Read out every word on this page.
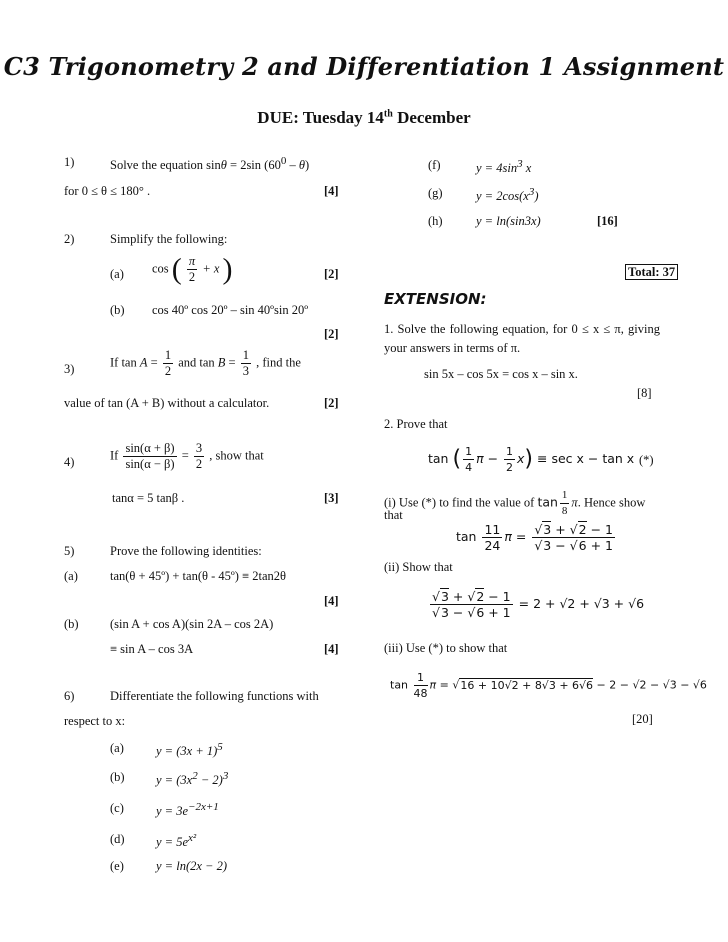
C3 Trigonometry 2 and Differentiation 1 Assignment
DUE: Tuesday 14th December
1)	Solve the equation sinθ = 2sin $(60^0 - \theta)$
for 0 ≤ θ ≤ 180° .	[4]
2)	Simplify the following:
(a) cos ( $\frac{\pi}{2} + x$ )	[2]
(b) cos 40º cos 20º – sin 40ºsin 20º
[2]
3)	If $\tan A = \frac{1}{2}$ and $\tan B = \frac{1}{3}$ , find the
value of tan (A + B) without a calculator.	[2]
4)	If $\frac{\sin(\alpha + \beta)}{\sin(\alpha - \beta)} = \frac{3}{2}$ , show that
tanα = 5 tanβ .	[3]
5)	Prove the following identities:
(a)	tan(θ + 45º) + tan(θ - 45º) ≡ 2tan2θ
[4]
(b)	(sin A + cos A)(sin 2A – cos 2A)
≡ sin A – cos 3A	[4]
6)	Differentiate the following functions with
respect to x:
(a)	$y = (3x + 1)^5$
(b)	$y = (3x^2 - 2)^3$
(c)	$y = 3e^{-2x+1}$
(d)	$y = 5e^{x^2}$
(e)	y = ln(2x − 2)
(f)	$y = 4\sin^3$ x
(g)	$y = 2\cos(x^3)$
(h)	y = ln(sin3x)	[16]
Total: 37
EXTENSION:
1. Solve the following equation, for 0 ≤ x ≤ π, giving your answers in terms of π.
sin 5x – cos 5x = cos x – sin x.
[8]
2. Prove that
tan ( $\frac{1}{4}$ $\pi - \frac{1}{2} x) \equiv \sec x - \tan x$ (*)
(i) Use (*) to find the value of $\tan \frac{1}{8} \pi$. Hence show
that
$\tan \frac{11}{24}$ $\pi = \frac{√3 + √2 - 1}{√3 - √6 + 1}$
(ii) Show that
$\frac{√3 + √2 - 1}{√3 - √6 + 1} = 2 + √2 + √3 + √6$
(iii) Use (*) to show that
$\tan \frac{1}{48}$ π = √16 + 10√2 + 8√3 + 6√6 − 2 − √2 − √3 − √6
[20]
